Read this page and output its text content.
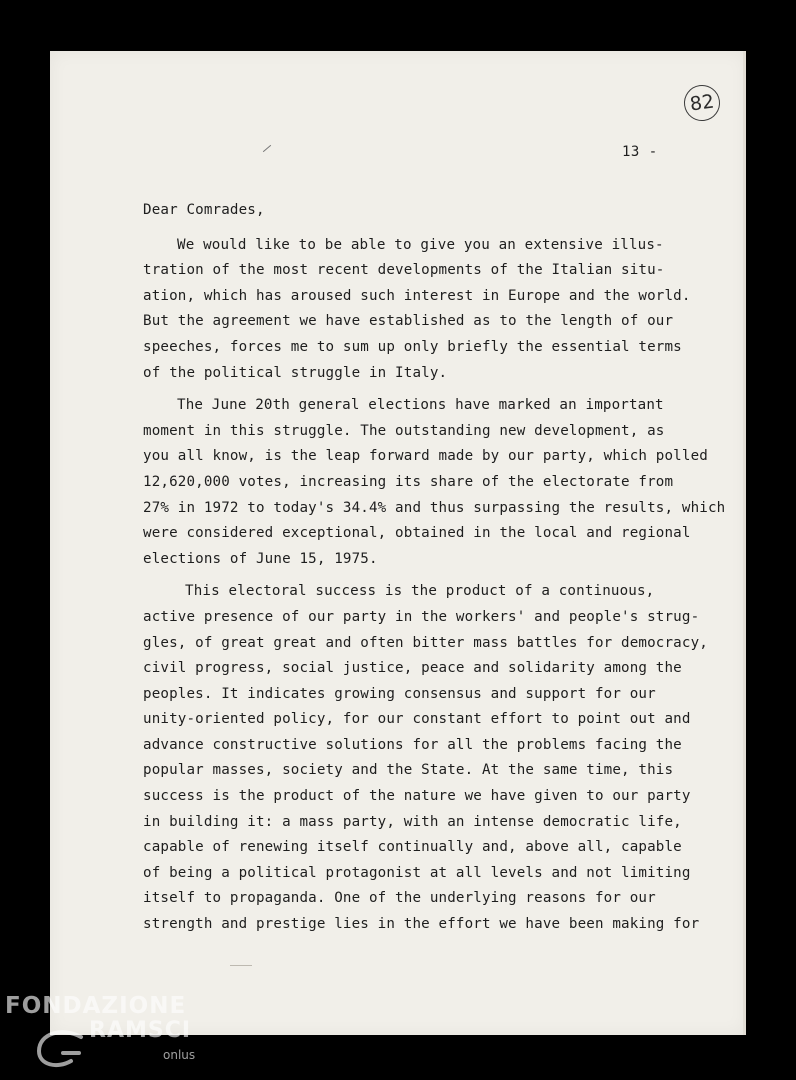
82
13 -
Dear Comrades,
We would like to be able to give you an extensive illus-
tration of the most recent developments of the Italian situ-
ation, which has aroused such interest in Europe and the world.
But the agreement we have established as to the length of our
speeches, forces me to sum up only briefly the essential terms
of the political struggle in Italy.
The June 20th general elections have marked an important
moment in this struggle. The outstanding new development, as
you all know, is the leap forward made by our party, which polled
12,620,000 votes, increasing its share of the electorate from
27% in 1972 to today's 34.4% and thus surpassing the results, which
were considered exceptional, obtained in the local and regional
elections of June 15, 1975.
This electoral success is the product of a continuous,
active presence of our party in the workers' and people's strug-
gles, of great great and often bitter mass battles for democracy,
civil progress, social justice, peace and solidarity among the
peoples. It indicates growing consensus and support for our
unity-oriented policy, for our constant effort to point out and
advance constructive solutions for all the problems facing the
popular masses, society and the State. At the same time, this
success is the product of the nature we have given to our party
in building it: a mass party, with an intense democratic life,
capable of renewing itself continually and, above all, capable
of being a political protagonist at all levels and not limiting
itself to propaganda. One of the underlying reasons for our
strength and prestige lies in the effort we have been making for
FONDAZIONE
RAMSCI
onlus
